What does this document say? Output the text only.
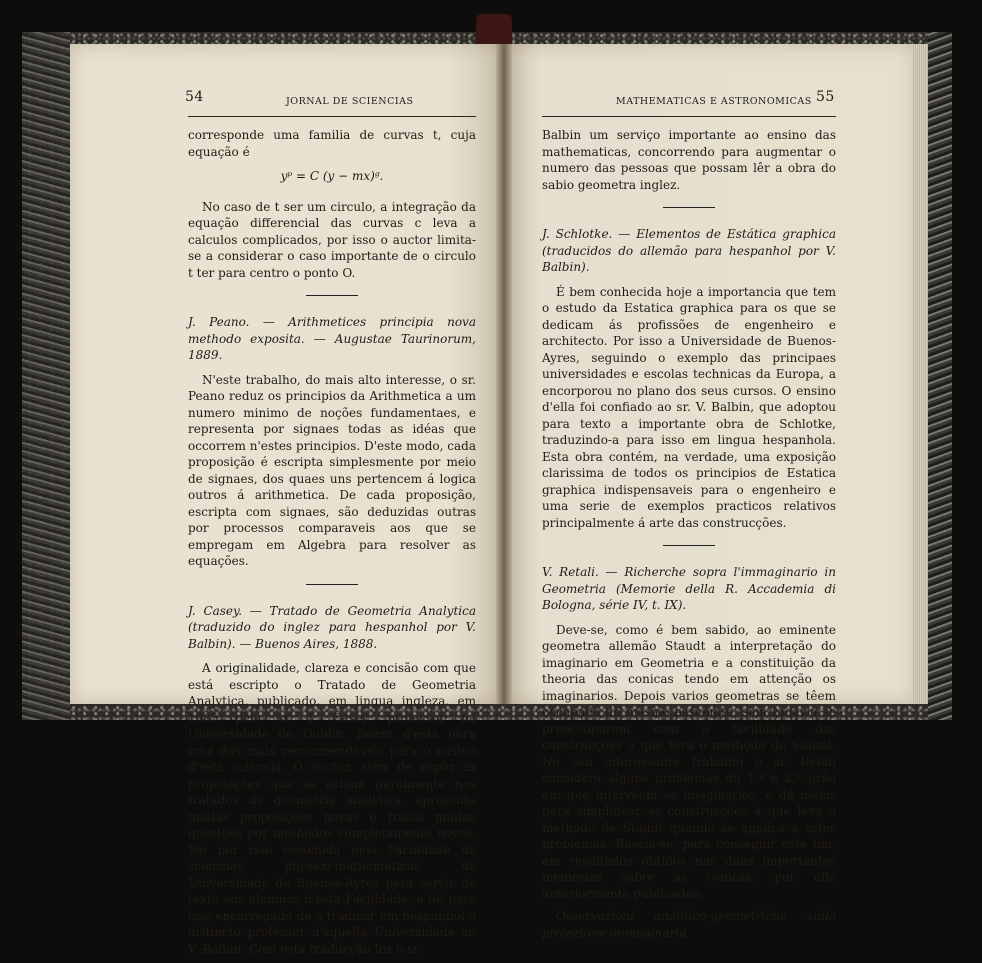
54	JORNAL DE SCIENCIAS

corresponde uma familia de curvas t, cuja equação é

yᵖ = C (y − mx)ᵍ.

No caso de t ser um circulo, a integração da equação differencial das curvas c leva a calculos complicados, por isso o auctor limita-se a considerar o caso importante de o circulo t ter para centro o ponto O.

J. Peano. — Arithmetices principia nova methodo exposita. — Augustae Taurinorum, 1889.

N'este trabalho, do mais alto interesse, o sr. Peano reduz os principios da Arithmetica a um numero minimo de noções fundamentaes, e representa por signaes todas as idéas que occorrem n'estes principios. D'este modo, cada proposição é escripta simplesmente por meio de signaes, dos quaes uns pertencem á logica outros á arithmetica. De cada proposição, escripta com signaes, são deduzidas outras por processos comparaveis aos que se empregam em Algebra para resolver as equações.

J. Casey. — Tratado de Geometria Analytica (traduzido do inglez para hespanhol por V. Balbin). — Buenos Aires, 1888.

A originalidade, clareza e concisão com que está escripto o Tratado de Geometria Analytica, publicado, em lingua ingleza, em 1885 pelo sr. J. Casey, professor na Universidade de Dublin, fazem d'esta obra uma das mais recommendaveis para o ensino d'esta sciencia. O auctor, além de expôr as proposições que se acham geralmente nos tratados de geometria analytica, apresenta muitas proposições novas e tracta muitas questões por methodos completamente novos. Foi por isso escolhida pela Faculdade de sciencias physico-mathematicas da Universidade de Buenos-Ayres para servir de texto aos alumnos d'esta Faculdade, e foi para isso encarregado de a traduzir em hespanhol o distincto professor d'aquella Universidade sr. V. Balbin. Com esta traducção fez o sr.

MATHEMATICAS E ASTRONOMICAS 55

Balbin um serviço importante ao ensino das mathematicas, concorrendo para augmentar o numero das pessoas que possam lêr a obra do sabio geometra inglez.

J. Schlotke. — Elementos de Estática graphica (traducidos do allemão para hespanhol por V. Balbin).

É bem conhecida hoje a importancia que tem o estudo da Estatica graphica para os que se dedicam ás profissões de engenheiro e architecto. Por isso a Universidade de Buenos-Ayres, seguindo o exemplo das principaes universidades e escolas technicas da Europa, a encorporou no plano dos seus cursos. O ensino d'ella foi confiado ao sr. V. Balbin, que adoptou para texto a importante obra de Schlotke, traduzindo-a para isso em lingua hespanhola. Esta obra contém, na verdade, uma exposição clarissima de todos os principios de Estatica graphica indispensaveis para o engenheiro e uma serie de exemplos practicos relativos principalmente á arte das construcções.

V. Retali. — Richerche sopra l'immaginario in Geometria (Memorie della R. Accademia di Bologna, série IV, t. IX).

Deve-se, como é bem sabido, ao eminente geometra allemão Staudt a interpretação do imaginario em Geometria e a constituição da theoria das conicas tendo em attenção os imaginarios. Depois varios geometras se têem occupado do mesmo assumpto, sem todavia se preoccuparem com a facilidade das construcções a que leva o methodo de Staudt. No seu interessante trabalho o sr. Retali considera alguns problemas do 1.º e 2.º grão em que intervêem os imaginarios, e dá meios para simplificar as construcções a que leva o methodo de Staudt quando se applica a estes problemas. Baseia-se, para conseguir este fim, em resultados obtidos nas duas importantes memorias sobre as conicas, por elle anteriormente publicadas:

Osservazioni analitico-geometriche sulla projezione immaginaria
